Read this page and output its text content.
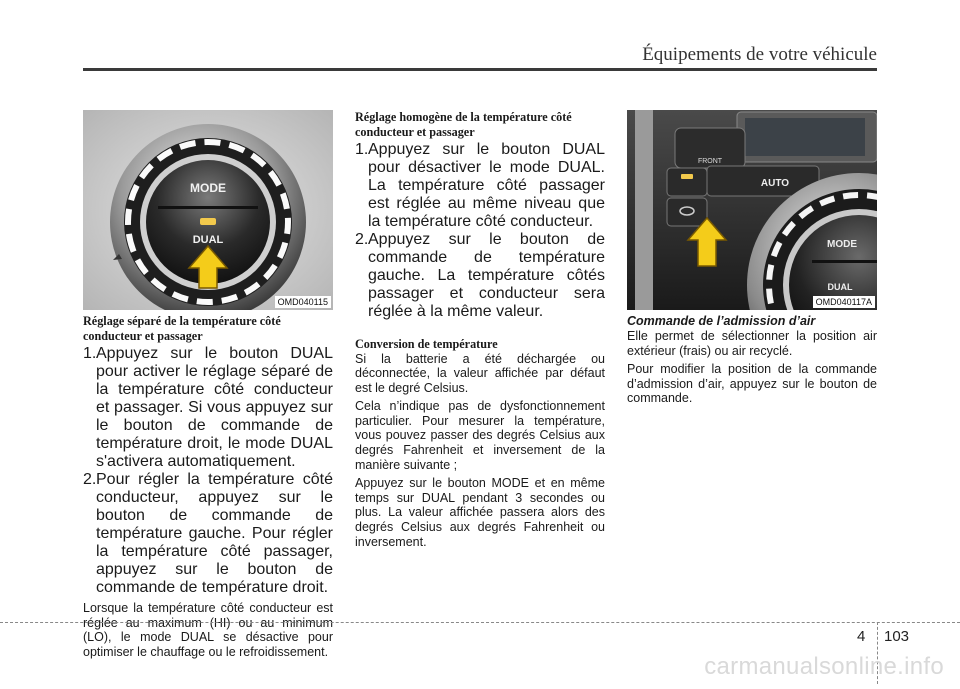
Équipements de votre véhicule
MODE
DUAL
OMD040115
Réglage séparé de la température côté conducteur et passager
1. Appuyez sur le bouton DUAL pour activer le réglage séparé de la température côté conducteur et passager. Si vous appuyez sur le bouton de commande de température droit, le mode DUAL s'activera automatiquement.
2. Pour régler la température côté conducteur, appuyez sur le bouton de commande de température gauche. Pour régler la température côté passager, appuyez sur le bouton de commande de température droit.

Lorsque la température côté conducteur est réglée au maximum (HI) ou au minimum (LO), le mode DUAL se désactive pour optimiser le chauffage ou le refroidissement.

Réglage homogène de la température côté conducteur et passager
1. Appuyez sur le bouton DUAL pour désactiver le mode DUAL. La température côté passager est réglée au même niveau que la température côté conducteur.
2. Appuyez sur le bouton de commande de température gauche. La température côtés passager et conducteur sera réglée à la même valeur.
Conversion de température

Si la batterie a été déchargée ou déconnectée, la valeur affichée par défaut est le degré Celsius.

Cela n’indique pas de dysfonctionnement particulier. Pour mesurer la température, vous pouvez passer des degrés Celsius aux degrés Fahrenheit et inversement de la manière suivante ;

Appuyez sur le bouton MODE et en même temps sur DUAL pendant 3 secondes ou plus. La valeur affichée passera alors des degrés Celsius aux degrés Fahrenheit ou inversement.

FRONT
AUTO
MODE
DUAL
OMD040117A
Commande de l’admission d’air

Elle permet de sélectionner la position air extérieur (frais) ou air recyclé.

Pour modifier la position de la commande d’admission d’air, appuyez sur le bouton de commande.

4 103
carmanualsonline.info
